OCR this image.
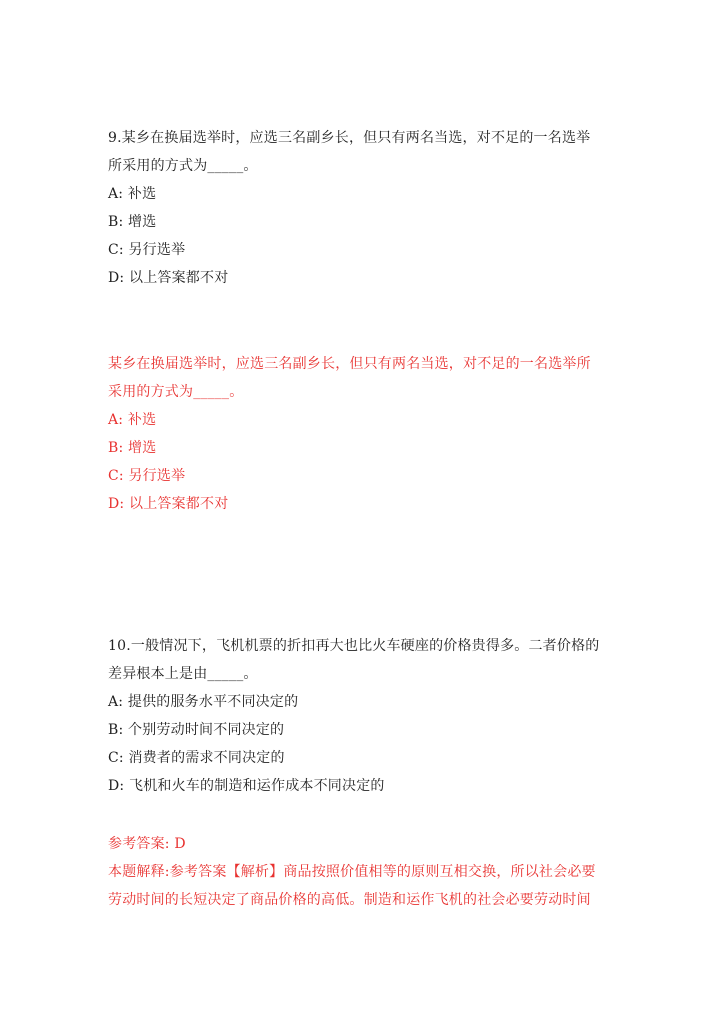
9.某乡在换届选举时，应选三名副乡长，但只有两名当选，对不足的一名选举
所采用的方式为_____。
A: 补选
B: 增选
C: 另行选举
D: 以上答案都不对
某乡在换届选举时，应选三名副乡长，但只有两名当选，对不足的一名选举所
采用的方式为_____。
A: 补选
B: 增选
C: 另行选举
D: 以上答案都不对
10.一般情况下，飞机机票的折扣再大也比火车硬座的价格贵得多。二者价格的
差异根本上是由_____。
A: 提供的服务水平不同决定的
B: 个别劳动时间不同决定的
C: 消费者的需求不同决定的
D: 飞机和火车的制造和运作成本不同决定的
参考答案: D
本题解释:参考答案【解析】商品按照价值相等的原则互相交换，所以社会必要
劳动时间的长短决定了商品价格的高低。制造和运作飞机的社会必要劳动时间
